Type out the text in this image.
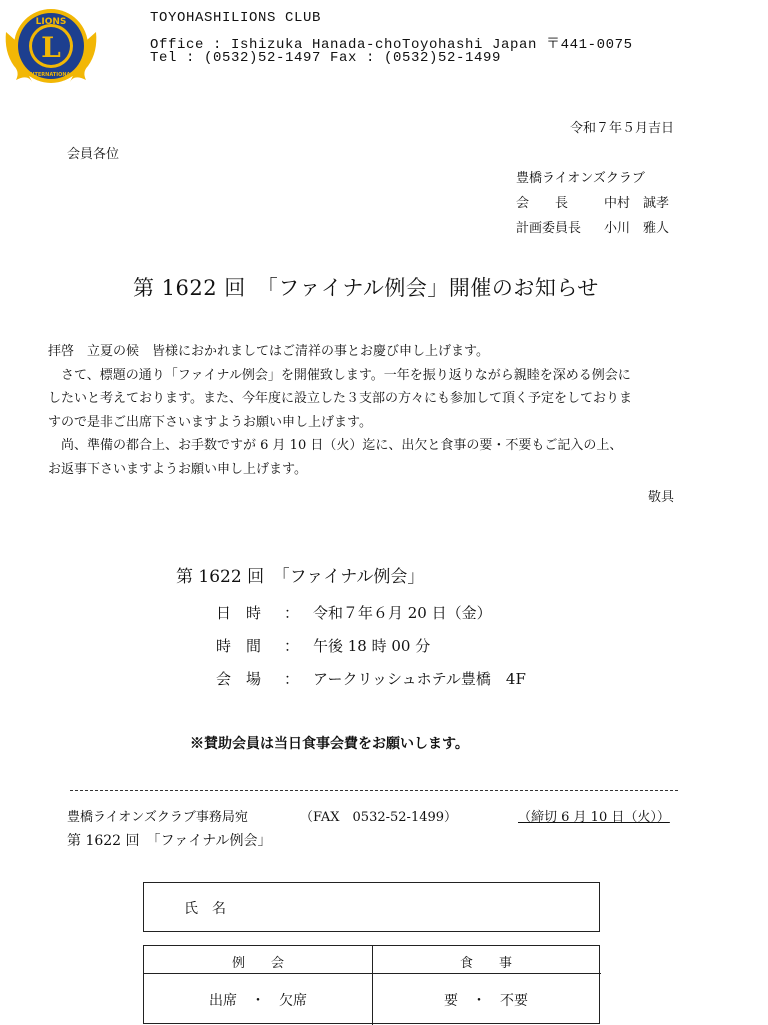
L
LIONS
INTERNATIONAL
TOYOHASHILIONS CLUB
Office : Ishizuka Hanada-choToyohashi Japan 〒441-0075
Tel : (0532)52-1497 Fax : (0532)52-1499
令和７年５月吉日
会員各位
豊橋ライオンズクラブ
会　　長	中村　誠孝
計画委員長 小川　雅人
第 1622 回　「ファイナル例会」開催のお知らせ

拝啓　立夏の候　皆様におかれましてはご清祥の事とお慶び申し上げます。

　さて、標題の通り「ファイナル例会」を開催致します。一年を振り返りながら親睦を深める例会に

したいと考えております。また、今年度に設立した３支部の方々にも参加して頂く予定をしておりま

すので是非ご出席下さいますようお願い申し上げます。

　尚、準備の都合上、お手数ですが 6 月 10 日（火）迄に、出欠と食事の要・不要もご記入の上、

お返事下さいますようお願い申し上げます。

敬具
第 1622 回　「ファイナル例会」
日　時 ： 令和７年６月 20 日（金）
時　間 ： 午後 18 時 00 分
会　場 ： アークリッシュホテル豊橋　4F
※賛助会員は当日食事会費をお願いします。
豊橋ライオンズクラブ事務局宛	（FAX　0532-52-1499）	（締切 6 月 10 日（火））
第 1622 回　「ファイナル例会」
氏　名
例　　会	食　　事
出席　・　欠席	要　・　不要
